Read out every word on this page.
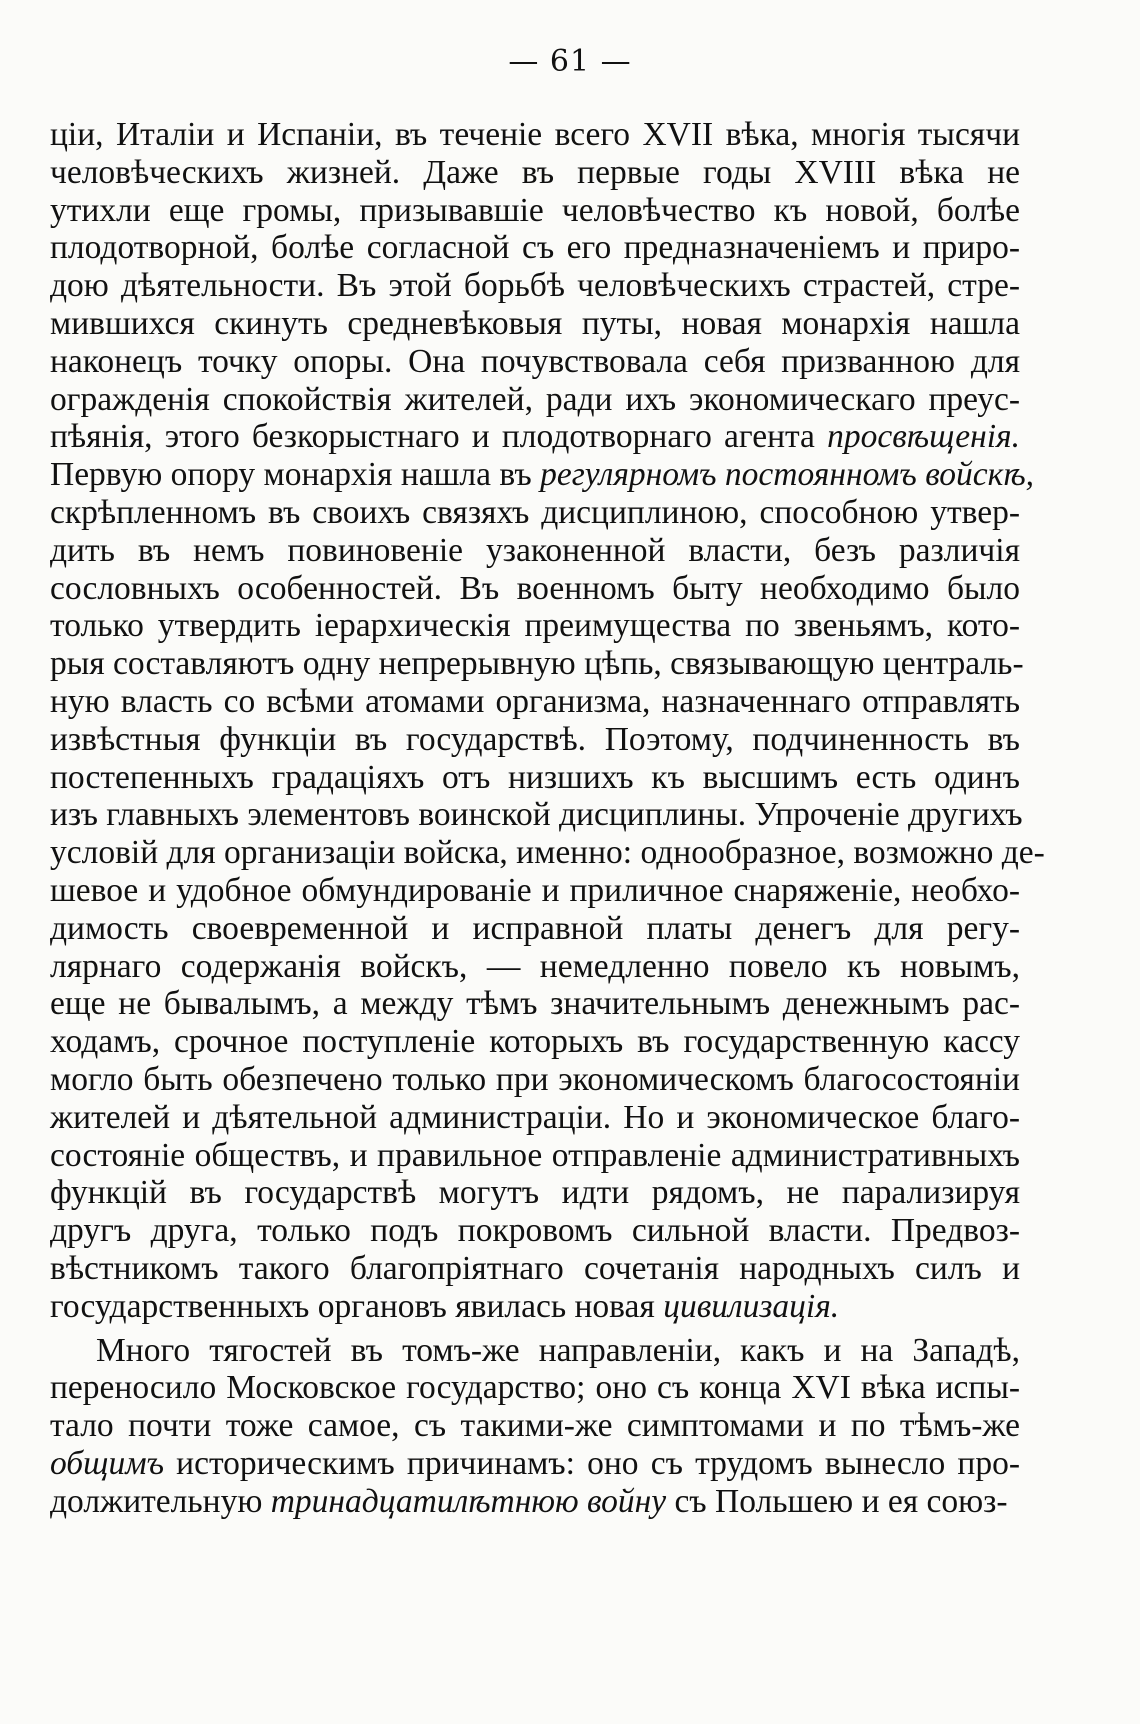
— 61 —
ціи, Италіи и Испаніи, въ теченіе всего XVII вѣка, многія тысячи
человѣческихъ жизней. Даже въ первые годы XVIII вѣка не
утихли еще громы, призывавшіе человѣчество къ новой, болѣе
плодотворной, болѣе согласной съ его предназначеніемъ и приро-
дою дѣятельности. Въ этой борьбѣ человѣческихъ страстей, стре-
мившихся скинуть средневѣковыя путы, новая монархія нашла
наконецъ точку опоры. Она почувствовала себя призванною для
огражденія спокойствія жителей, ради ихъ экономическаго преус-
пѣянія, этого безкорыстнаго и плодотворнаго агента просвѣщенія.
Первую опору монархія нашла въ регулярномъ постоянномъ войскѣ,
скрѣпленномъ въ своихъ связяхъ дисциплиною, способною утвер-
дить въ немъ повиновеніе узаконенной власти, безъ различія
сословныхъ особенностей. Въ военномъ быту необходимо было
только утвердить іерархическія преимущества по звеньямъ, кото-
рыя составляютъ одну непрерывную цѣпь, связывающую централь-
ную власть со всѣми атомами организма, назначеннаго отправлять
извѣстныя функціи въ государствѣ. Поэтому, подчиненность въ
постепенныхъ градаціяхъ отъ низшихъ къ высшимъ есть одинъ
изъ главныхъ элементовъ воинской дисциплины. Упроченіе другихъ
условій для организаціи войска, именно: однообразное, возможно де-
шевое и удобное обмундированіе и приличное снаряженіе, необхо-
димость своевременной и исправной платы денегъ для регу-
лярнаго содержанія войскъ, — немедленно повело къ новымъ,
еще не бывалымъ, а между тѣмъ значительнымъ денежнымъ рас-
ходамъ, срочное поступленіе которыхъ въ государственную кассу
могло быть обезпечено только при экономическомъ благосостояніи
жителей и дѣятельной администраціи. Но и экономическое благо-
состояніе обществъ, и правильное отправленіе административныхъ
функцій въ государствѣ могутъ идти рядомъ, не парализируя
другъ друга, только подъ покровомъ сильной власти. Предвоз-
вѣстникомъ такого благопріятнаго сочетанія народныхъ силъ и
государственныхъ органовъ явилась новая цивилизація.
Много тягостей въ томъ-же направленіи, какъ и на Западѣ,
переносило Московское государство; оно съ конца XVI вѣка испы-
тало почти тоже самое, съ такими-же симптомами и по тѣмъ-же
общимъ историческимъ причинамъ: оно съ трудомъ вынесло про-
должительную тринадцатилѣтнюю войну съ Польшею и ея союз-
